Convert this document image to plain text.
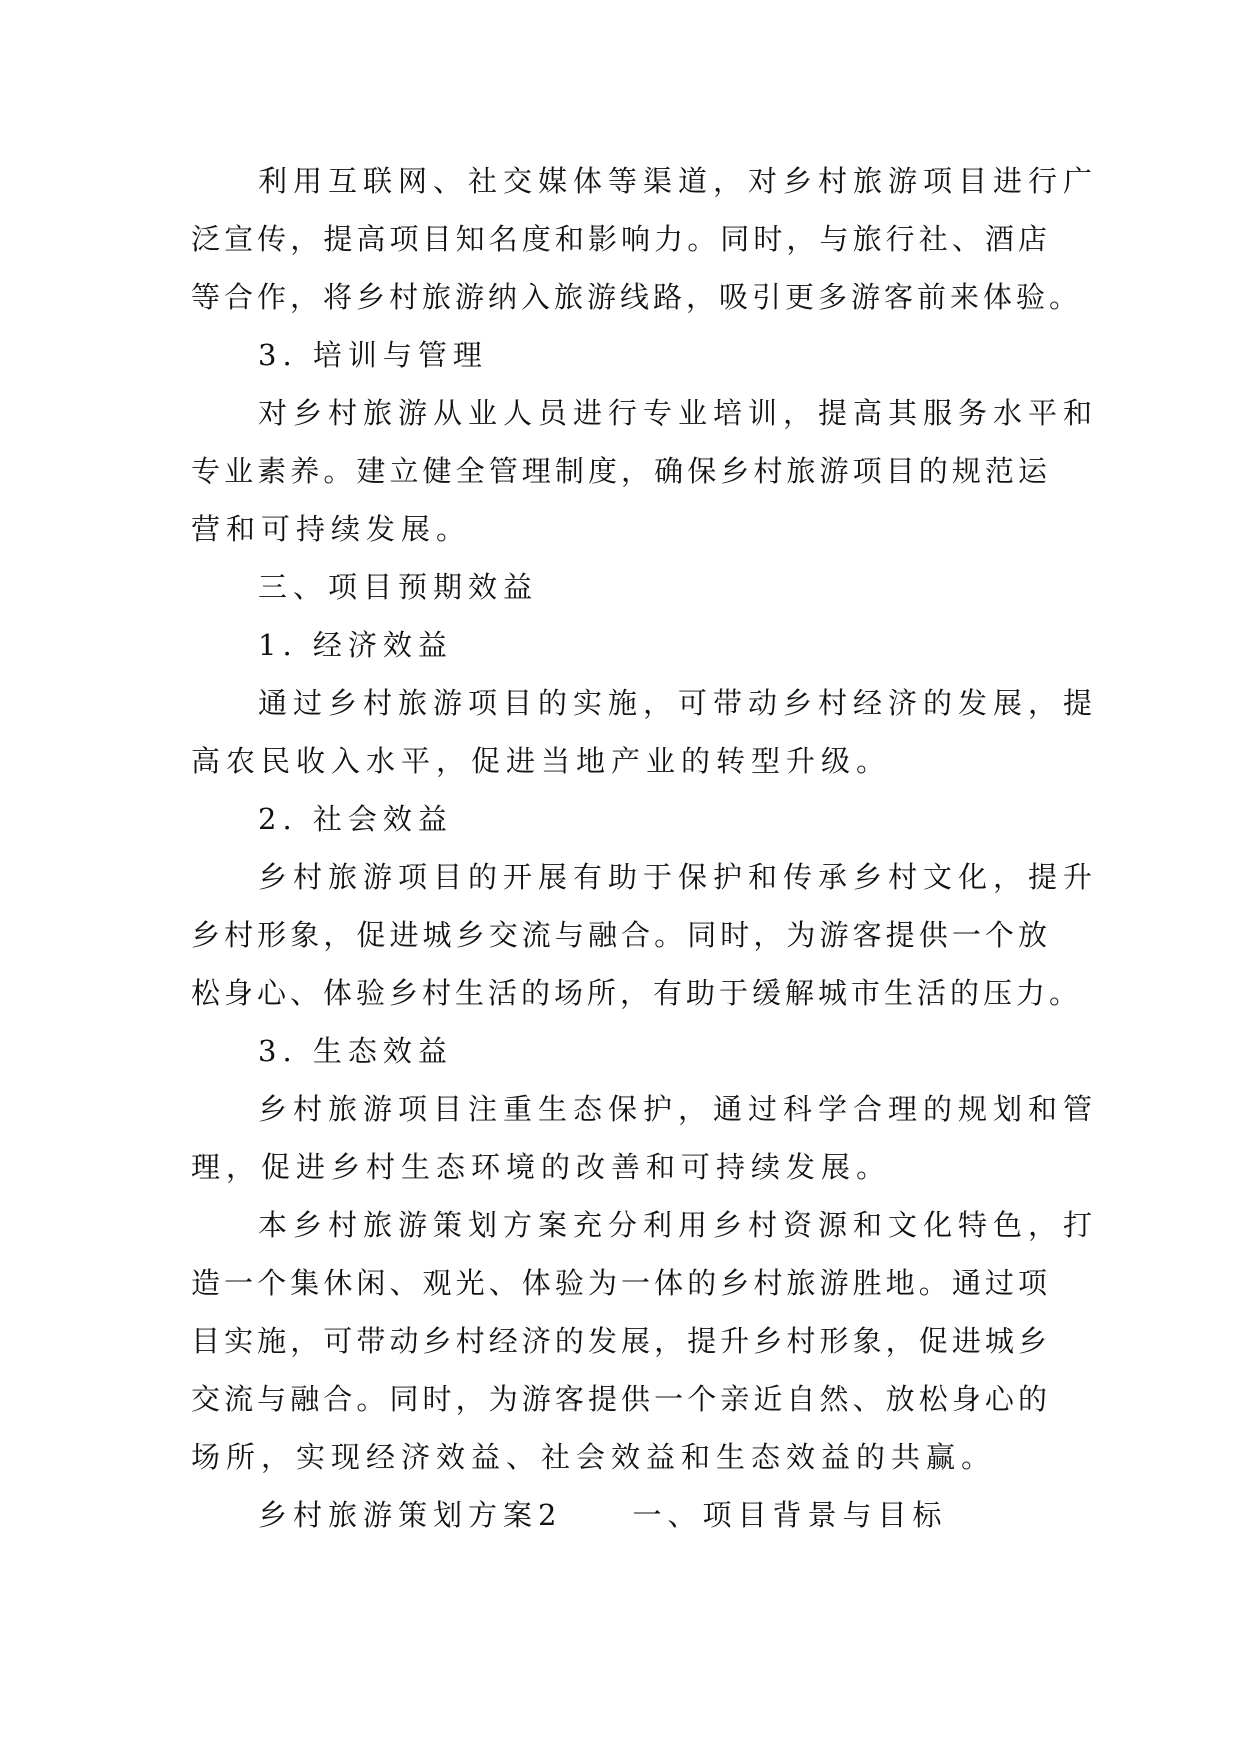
利用互联网、社交媒体等渠道，对乡村旅游项目进行广
泛宣传，提高项目知名度和影响力。同时，与旅行社、酒店
等合作，将乡村旅游纳入旅游线路，吸引更多游客前来体验。
3. 培训与管理
对乡村旅游从业人员进行专业培训，提高其服务水平和
专业素养。建立健全管理制度，确保乡村旅游项目的规范运
营和可持续发展。
三、项目预期效益
1. 经济效益
通过乡村旅游项目的实施，可带动乡村经济的发展，提
高农民收入水平，促进当地产业的转型升级。
2. 社会效益
乡村旅游项目的开展有助于保护和传承乡村文化，提升
乡村形象，促进城乡交流与融合。同时，为游客提供一个放
松身心、体验乡村生活的场所，有助于缓解城市生活的压力。
3. 生态效益
乡村旅游项目注重生态保护，通过科学合理的规划和管
理，促进乡村生态环境的改善和可持续发展。
本乡村旅游策划方案充分利用乡村资源和文化特色，打
造一个集休闲、观光、体验为一体的乡村旅游胜地。通过项
目实施，可带动乡村经济的发展，提升乡村形象，促进城乡
交流与融合。同时，为游客提供一个亲近自然、放松身心的
场所，实现经济效益、社会效益和生态效益的共赢。
乡村旅游策划方案2　　一、项目背景与目标
